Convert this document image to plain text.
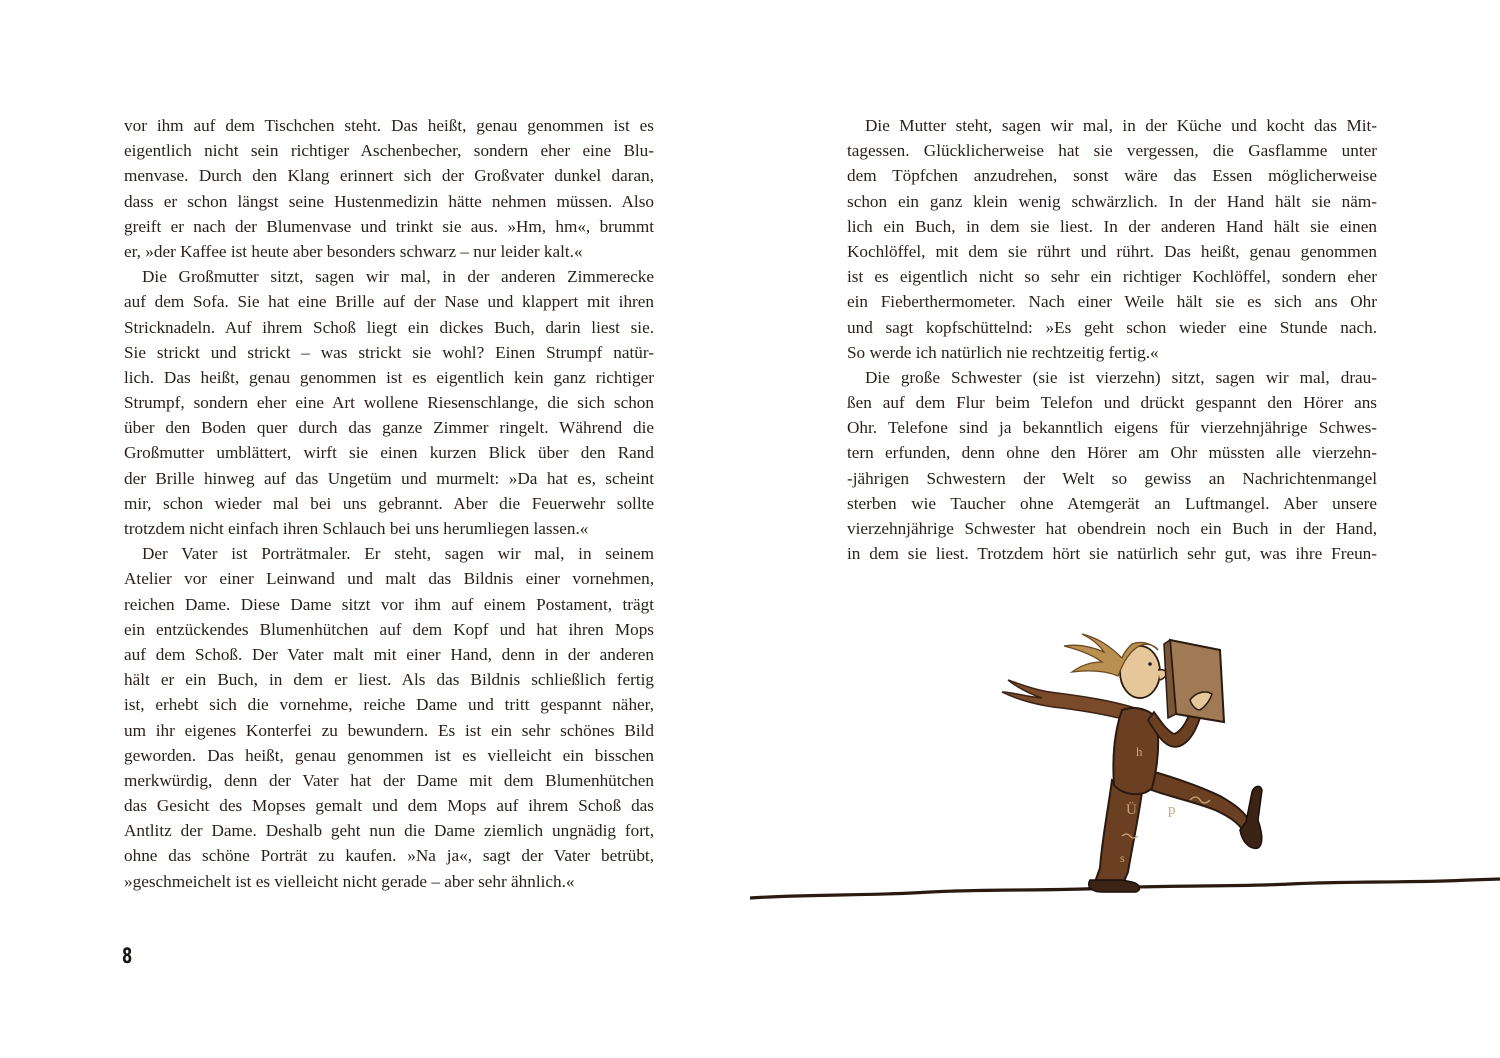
vor ihm auf dem Tischchen steht. Das heißt, genau genommen ist es
eigentlich nicht sein richtiger Aschenbecher, sondern eher eine Blu-
menvase. Durch den Klang erinnert sich der Großvater dunkel daran,
dass er schon längst seine Hustenmedizin hätte nehmen müssen. Also
greift er nach der Blumenvase und trinkt sie aus. »Hm, hm«, brummt
er, »der Kaffee ist heute aber besonders schwarz – nur leider kalt.«
Die Großmutter sitzt, sagen wir mal, in der anderen Zimmerecke
auf dem Sofa. Sie hat eine Brille auf der Nase und klappert mit ihren
Stricknadeln. Auf ihrem Schoß liegt ein dickes Buch, darin liest sie.
Sie strickt und strickt – was strickt sie wohl? Einen Strumpf natür-
lich. Das heißt, genau genommen ist es eigentlich kein ganz richtiger
Strumpf, sondern eher eine Art wollene Riesenschlange, die sich schon
über den Boden quer durch das ganze Zimmer ringelt. Während die
Großmutter umblättert, wirft sie einen kurzen Blick über den Rand
der Brille hinweg auf das Ungetüm und murmelt: »Da hat es, scheint
mir, schon wieder mal bei uns gebrannt. Aber die Feuerwehr sollte
trotzdem nicht einfach ihren Schlauch bei uns herumliegen lassen.«
Der Vater ist Porträtmaler. Er steht, sagen wir mal, in seinem
Atelier vor einer Leinwand und malt das Bildnis einer vornehmen,
reichen Dame. Diese Dame sitzt vor ihm auf einem Postament, trägt
ein entzückendes Blumenhütchen auf dem Kopf und hat ihren Mops
auf dem Schoß. Der Vater malt mit einer Hand, denn in der anderen
hält er ein Buch, in dem er liest. Als das Bildnis schließlich fertig
ist, erhebt sich die vornehme, reiche Dame und tritt gespannt näher,
um ihr eigenes Konterfei zu bewundern. Es ist ein sehr schönes Bild
geworden. Das heißt, genau genommen ist es vielleicht ein bisschen
merkwürdig, denn der Vater hat der Dame mit dem Blumenhütchen
das Gesicht des Mopses gemalt und dem Mops auf ihrem Schoß das
Antlitz der Dame. Deshalb geht nun die Dame ziemlich ungnädig fort,
ohne das schöne Porträt zu kaufen. »Na ja«, sagt der Vater betrübt,
»geschmeichelt ist es vielleicht nicht gerade – aber sehr ähnlich.«
8
Die Mutter steht, sagen wir mal, in der Küche und kocht das Mit-
tagessen. Glücklicherweise hat sie vergessen, die Gasflamme unter
dem Töpfchen anzudrehen, sonst wäre das Essen möglicherweise
schon ein ganz klein wenig schwärzlich. In der Hand hält sie näm-
lich ein Buch, in dem sie liest. In der anderen Hand hält sie einen
Kochlöffel, mit dem sie rührt und rührt. Das heißt, genau genommen
ist es eigentlich nicht so sehr ein richtiger Kochlöffel, sondern eher
ein Fieberthermometer. Nach einer Weile hält sie es sich ans Ohr
und sagt kopfschüttelnd: »Es geht schon wieder eine Stunde nach.
So werde ich natürlich nie rechtzeitig fertig.«
Die große Schwester (sie ist vierzehn) sitzt, sagen wir mal, drau-
ßen auf dem Flur beim Telefon und drückt gespannt den Hörer ans
Ohr. Telefone sind ja bekanntlich eigens für vierzehnjährige Schwes-
tern erfunden, denn ohne den Hörer am Ohr müssten alle vierzehn-
-jährigen Schwestern der Welt so gewiss an Nachrichtenmangel
sterben wie Taucher ohne Atemgerät an Luftmangel. Aber unsere
vierzehnjährige Schwester hat obendrein noch ein Buch in der Hand,
in dem sie liest. Trotzdem hört sie natürlich sehr gut, was ihre Freun-
h
Ü p
s
